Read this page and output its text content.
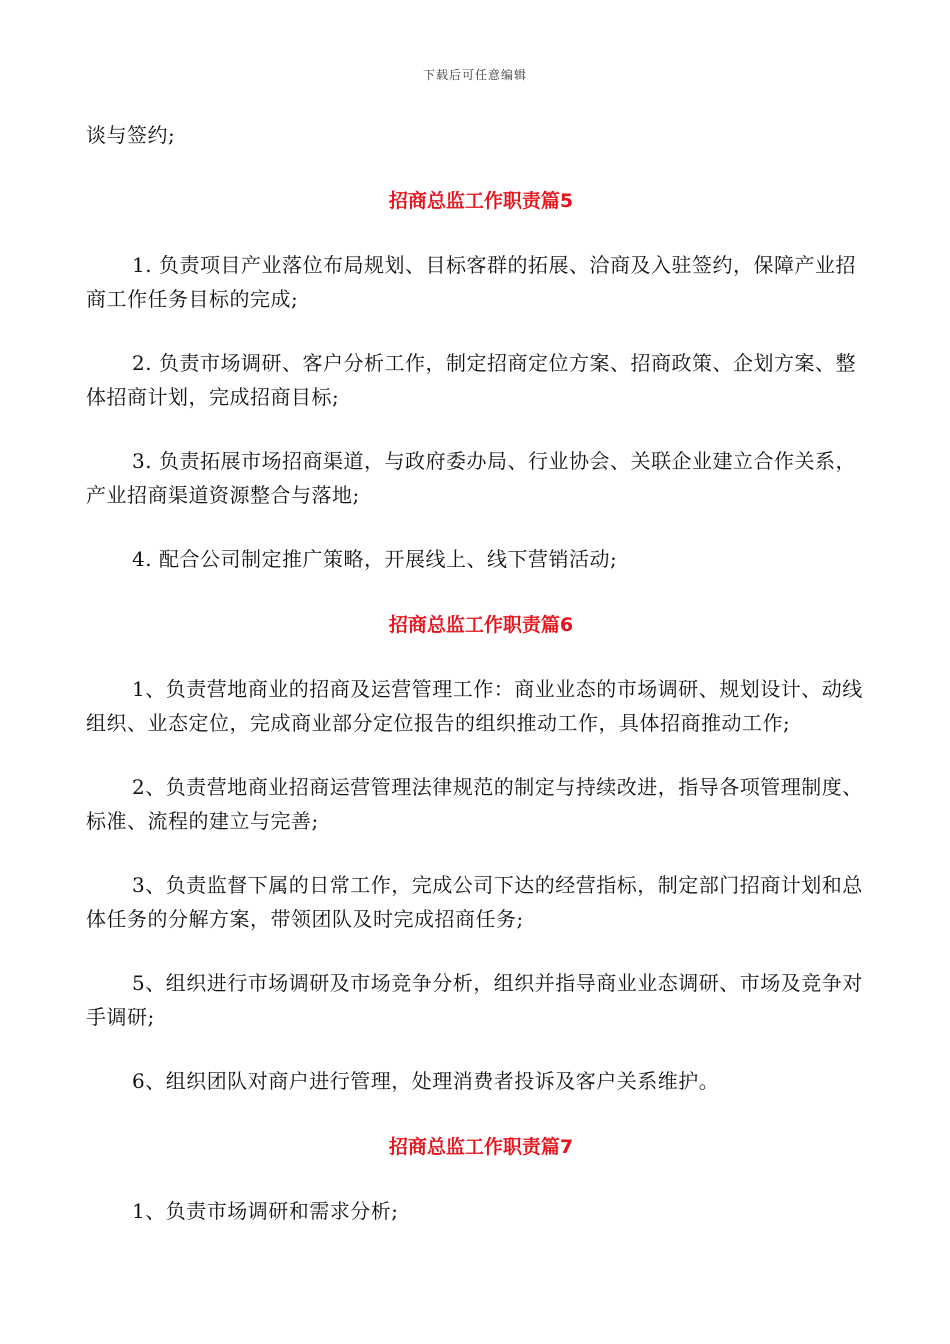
下载后可任意编辑

谈与签约;

招商总监工作职责篇5

1. 负责项目产业落位布局规划、目标客群的拓展、洽商及入驻签约，保障产业招商工作任务目标的完成;

2. 负责市场调研、客户分析工作，制定招商定位方案、招商政策、企划方案、整体招商计划，完成招商目标;

3. 负责拓展市场招商渠道，与政府委办局、行业协会、关联企业建立合作关系，产业招商渠道资源整合与落地;

4. 配合公司制定推广策略，开展线上、线下营销活动;

招商总监工作职责篇6

1、负责营地商业的招商及运营管理工作：商业业态的市场调研、规划设计、动线组织、业态定位，完成商业部分定位报告的组织推动工作，具体招商推动工作;

2、负责营地商业招商运营管理法律规范的制定与持续改进，指导各项管理制度、标准、流程的建立与完善;

3、负责监督下属的日常工作，完成公司下达的经营指标，制定部门招商计划和总体任务的分解方案，带领团队及时完成招商任务;

5、组织进行市场调研及市场竞争分析，组织并指导商业业态调研、市场及竞争对手调研;

6、组织团队对商户进行管理，处理消费者投诉及客户关系维护。

招商总监工作职责篇7

1、负责市场调研和需求分析;
